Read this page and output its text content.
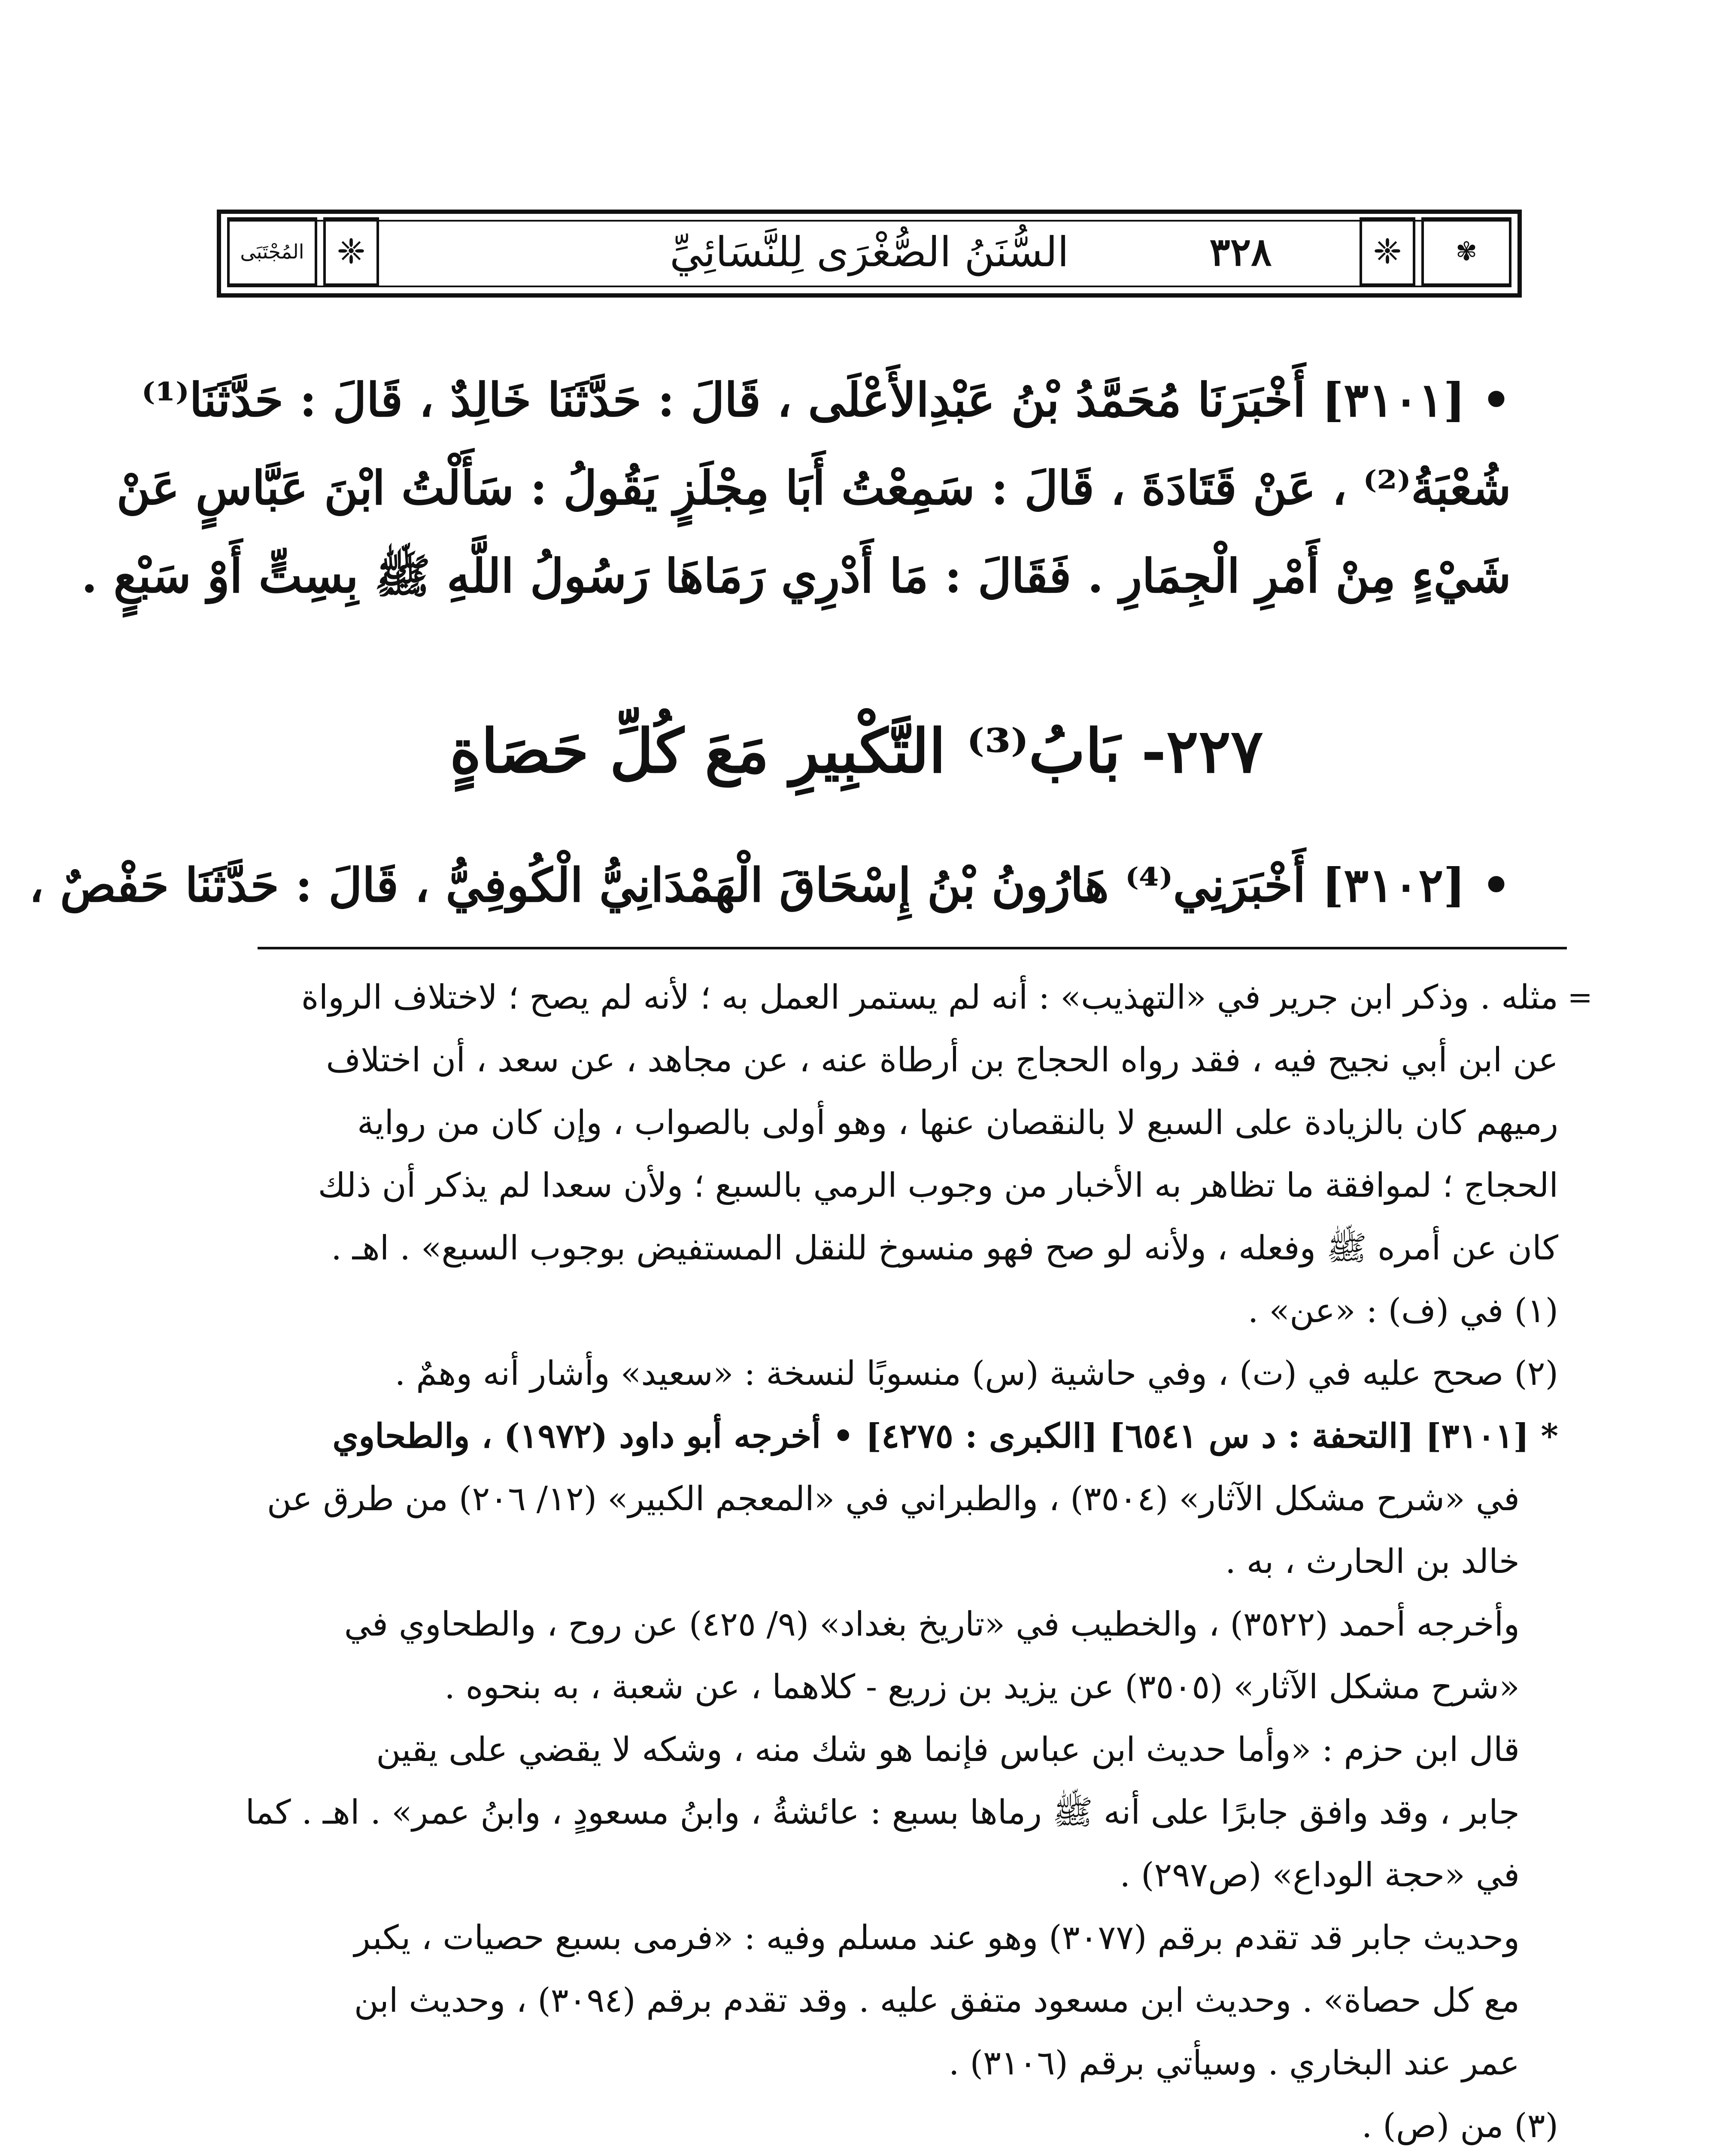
المُجْتَبَى ❈	✾
❈
٣٢٨
السُّنَنُ الصُّغْرَى لِلنَّسَائِيِّ
• [٣١٠١] أَخْبَرَنَا مُحَمَّدُ بْنُ عَبْدِالأَعْلَى ، قَالَ : حَدَّثَنَا خَالِدٌ ، قَالَ : حَدَّثَنَا⁽¹⁾
شُعْبَةُ⁽²⁾ ، عَنْ قَتَادَةَ ، قَالَ : سَمِعْتُ أَبَا مِجْلَزٍ يَقُولُ : سَأَلْتُ ابْنَ عَبَّاسٍ عَنْ
شَيْءٍ مِنْ أَمْرِ الْجِمَارِ . فَقَالَ : مَا أَدْرِي رَمَاهَا رَسُولُ اللَّهِ ﷺ بِسِتٍّ أَوْ سَبْعٍ .
٢٢٧- بَابُ⁽³⁾ التَّكْبِيرِ مَعَ كُلِّ حَصَاةٍ
• [٣١٠٢] أَخْبَرَنِي⁽⁴⁾ هَارُونُ بْنُ إِسْحَاقَ الْهَمْدَانِيُّ الْكُوفِيُّ ، قَالَ : حَدَّثَنَا حَفْصٌ ،
=
مثله . وذكر ابن جرير في «التهذيب» : أنه لم يستمر العمل به ؛ لأنه لم يصح ؛ لاختلاف الرواة
عن ابن أبي نجيح فيه ، فقد رواه الحجاج بن أرطاة عنه ، عن مجاهد ، عن سعد ، أن اختلاف
رميهم كان بالزيادة على السبع لا بالنقصان عنها ، وهو أولى بالصواب ، وإن كان من رواية
الحجاج ؛ لموافقة ما تظاهر به الأخبار من وجوب الرمي بالسبع ؛ ولأن سعدا لم يذكر أن ذلك
كان عن أمره ﷺ وفعله ، ولأنه لو صح فهو منسوخ للنقل المستفيض بوجوب السبع» . اهـ .
(١) في (ف) : «عن» .
(٢) صحح عليه في (ت) ، وفي حاشية (س) منسوبًا لنسخة : «سعيد» وأشار أنه وهمٌ .
* [٣١٠١] [التحفة : د س ٦٥٤١] [الكبرى : ٤٢٧٥] • أخرجه أبو داود (١٩٧٢) ، والطحاوي
في «شرح مشكل الآثار» (٣٥٠٤) ، والطبراني في «المعجم الكبير» (١٢/ ٢٠٦) من طرق عن
خالد بن الحارث ، به .
وأخرجه أحمد (٣٥٢٢) ، والخطيب في «تاريخ بغداد» (٩/ ٤٢٥) عن روح ، والطحاوي في
«شرح مشكل الآثار» (٣٥٠٥) عن يزيد بن زريع - كلاهما ، عن شعبة ، به بنحوه .
قال ابن حزم : «وأما حديث ابن عباس فإنما هو شك منه ، وشكه لا يقضي على يقين
جابر ، وقد وافق جابرًا على أنه ﷺ رماها بسبع : عائشةُ ، وابنُ مسعودٍ ، وابنُ عمر» . اهـ . كما
في «حجة الوداع» (ص٢٩٧) .
وحديث جابر قد تقدم برقم (٣٠٧٧) وهو عند مسلم وفيه : «فرمى بسبع حصيات ، يكبر
مع كل حصاة» . وحديث ابن مسعود متفق عليه . وقد تقدم برقم (٣٠٩٤) ، وحديث ابن
عمر عند البخاري . وسيأتي برقم (٣١٠٦) .
(٣) من (ص) .
